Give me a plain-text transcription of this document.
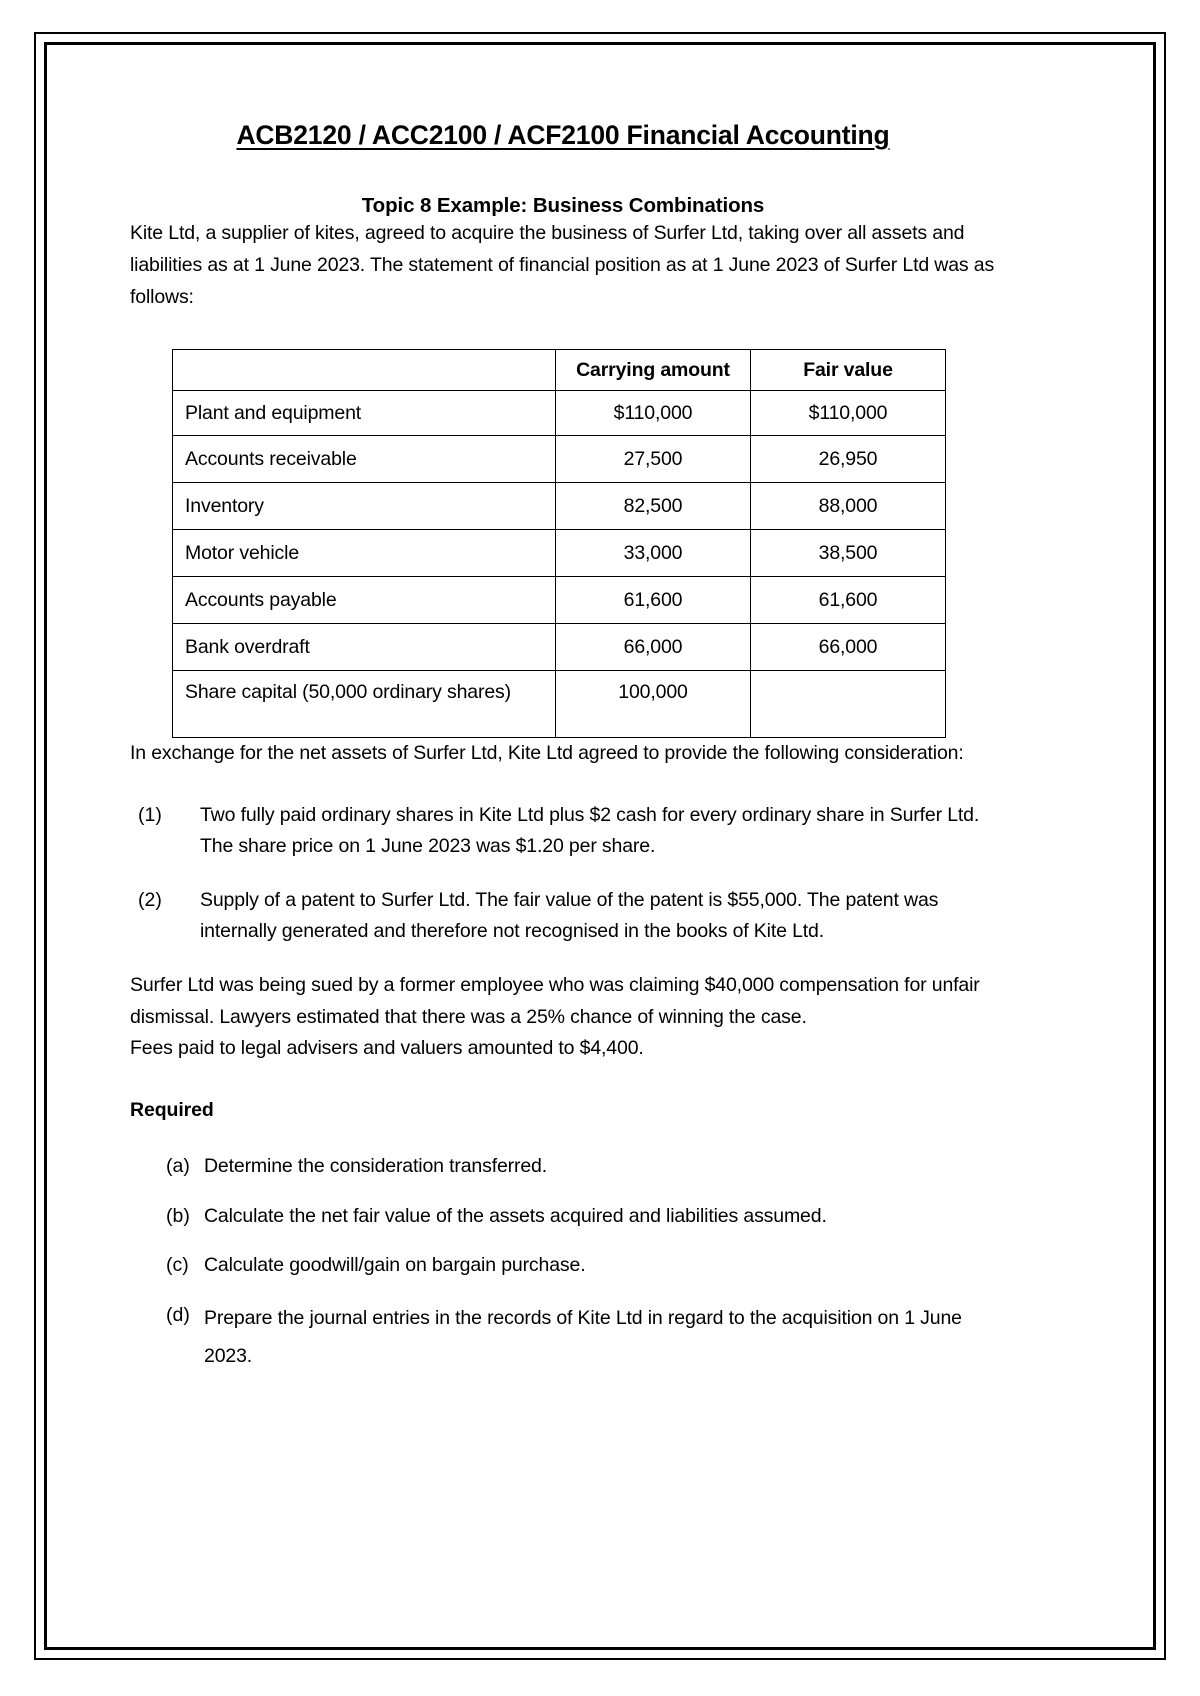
ACB2120 / ACC2100 / ACF2100 Financial Accounting
Topic 8 Example: Business Combinations

Kite Ltd, a supplier of kites, agreed to acquire the business of Surfer Ltd, taking over all assets and liabilities as at 1 June 2023. The statement of financial position as at 1 June 2023 of Surfer Ltd was as follows:

	Carrying amount	Fair value
Plant and equipment	$110,000	$110,000
Accounts receivable	27,500	26,950
Inventory	82,500	88,000
Motor vehicle	33,000	38,500
Accounts payable	61,600	61,600
Bank overdraft	66,000	66,000
Share capital (50,000 ordinary shares)	100,000	

In exchange for the net assets of Surfer Ltd, Kite Ltd agreed to provide the following consideration:

(1)	Two fully paid ordinary shares in Kite Ltd plus $2 cash for every ordinary share in Surfer Ltd. The share price on 1 June 2023 was $1.20 per share.
(2)	Supply of a patent to Surfer Ltd. The fair value of the patent is $55,000. The patent was internally generated and therefore not recognised in the books of Kite Ltd.

Surfer Ltd was being sued by a former employee who was claiming $40,000 compensation for unfair dismissal. Lawyers estimated that there was a 25% chance of winning the case.

Fees paid to legal advisers and valuers amounted to $4,400.

Required
(a) Determine the consideration transferred.
(b) Calculate the net fair value of the assets acquired and liabilities assumed.
(c) Calculate goodwill/gain on bargain purchase.
(d) Prepare the journal entries in the records of Kite Ltd in regard to the acquisition on 1 June 2023.
